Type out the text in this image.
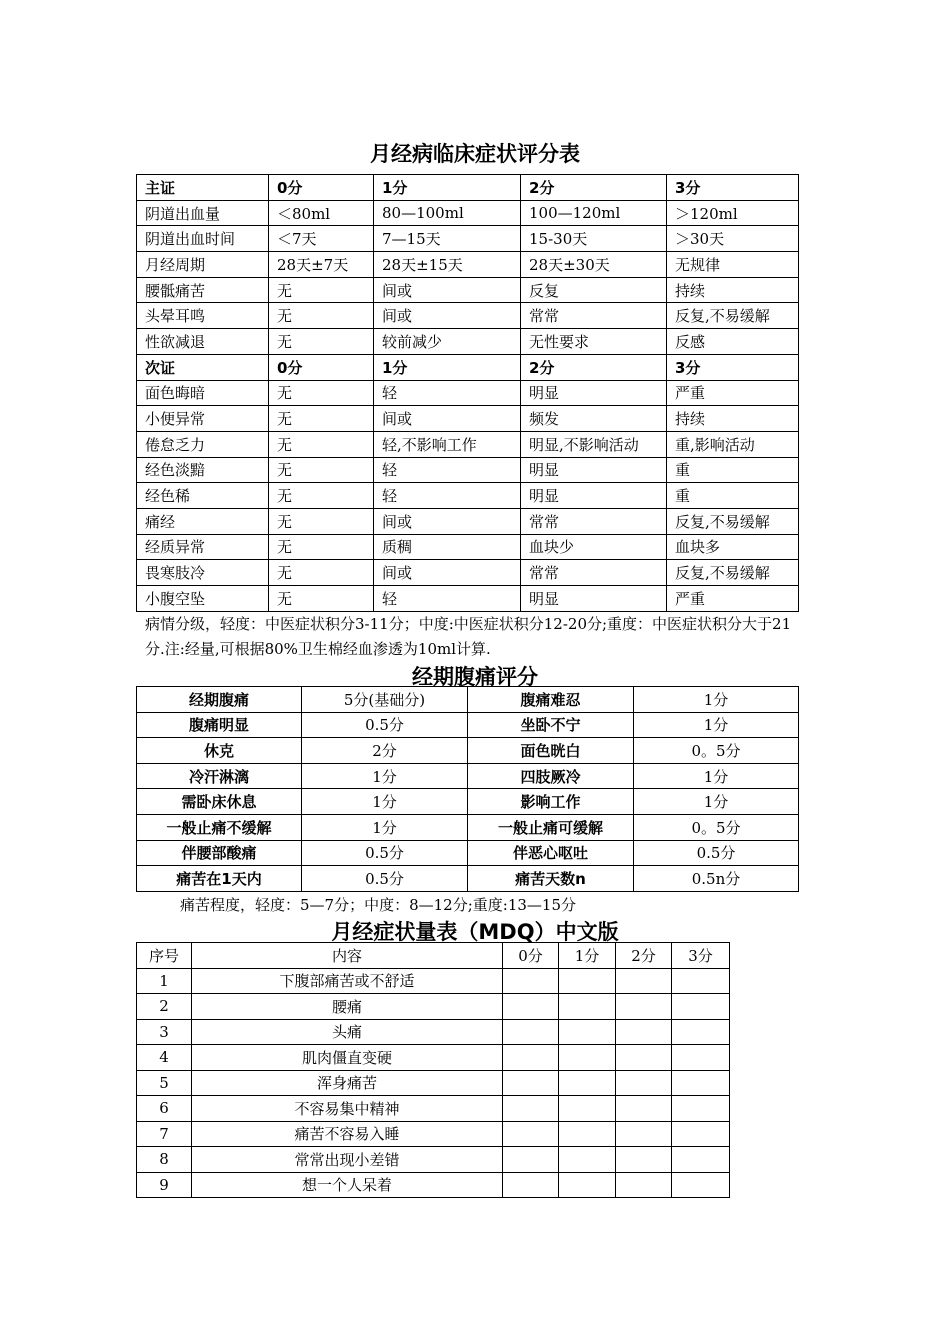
月经病临床症状评分表
主证	0分	1分	2分	3分
阴道出血量	＜80ml	80—100ml	100—120ml	＞120ml
阴道出血时间	＜7天	7—15天	15-30天	＞30天
月经周期	28天±7天	28天±15天	28天±30天	无规律
腰骶痛苦	无	间或	反复	持续
头晕耳鸣	无	间或	常常	反复,不易缓解
性欲减退	无	较前减少	无性要求	反感
次证	0分	1分	2分	3分
面色晦暗	无	轻	明显	严重
小便异常	无	间或	频发	持续
倦怠乏力	无	轻,不影响工作	明显,不影响活动	重,影响活动
经色淡黯	无	轻	明显	重
经色稀	无	轻	明显	重
痛经	无	间或	常常	反复,不易缓解
经质异常	无	质稠	血块少	血块多
畏寒肢冷	无	间或	常常	反复,不易缓解
小腹空坠	无	轻	明显	严重

病情分级，轻度：中医症状积分3-11分；中度:中医症状积分12-20分;重度：中医症状积分大于21分.注:经量,可根据80%卫生棉经血渗透为10ml计算.

经期腹痛评分
经期腹痛	5分(基础分)	腹痛难忍	1分
腹痛明显	0.5分	坐卧不宁	1分
休克	2分	面色晄白	0。5分
冷汗淋漓	1分	四肢厥冷	1分
需卧床休息	1分	影响工作	1分
一般止痛不缓解	1分	一般止痛可缓解	0。5分
伴腰部酸痛	0.5分	伴恶心呕吐	0.5分
痛苦在1天内	0.5分	痛苦天数n	0.5n分

痛苦程度，轻度：5—7分；中度：8—12分;重度:13—15分

月经症状量表（MDQ）中文版
序号	内容	0分	1分	2分	3分
1	下腹部痛苦或不舒适				
2	腰痛				
3	头痛				
4	肌肉僵直变硬				
5	浑身痛苦				
6	不容易集中精神				
7	痛苦不容易入睡				
8	常常出现小差错				
9	想一个人呆着				
